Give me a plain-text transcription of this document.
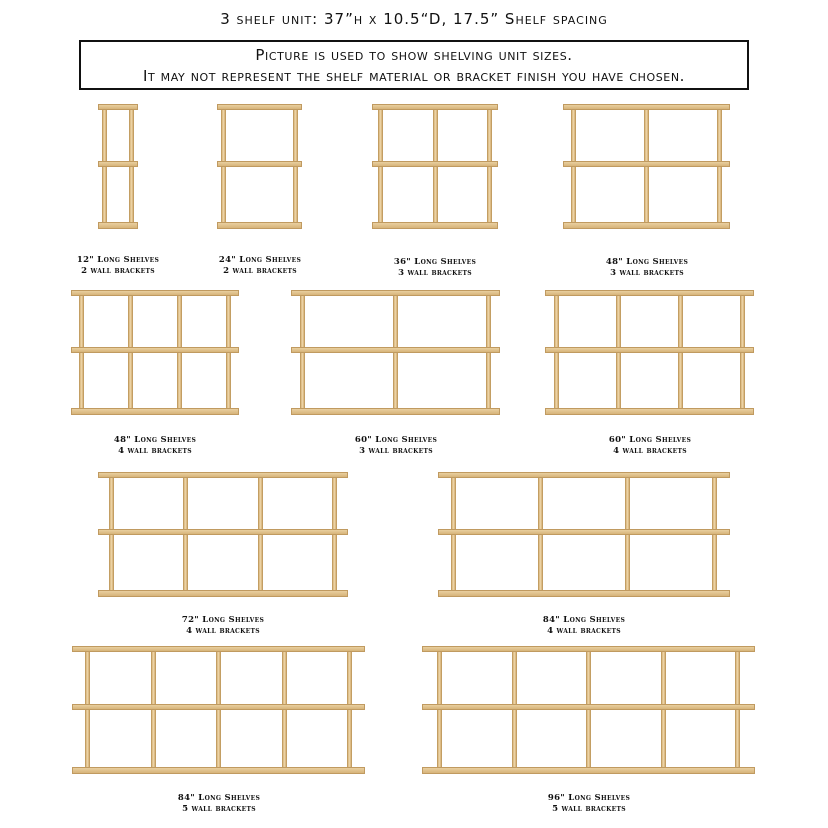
3 shelf unit: 37”h x 10.5“D, 17.5” Shelf spacing
Picture is used to show shelving unit sizes.
It may not represent the shelf material or bracket finish you have chosen.
12" Long Shelves
2 wall brackets
24" Long Shelves
2 wall brackets
36" Long Shelves
3 wall brackets
48" Long Shelves
3 wall brackets
48" Long Shelves
4 wall brackets
60" Long Shelves
3 wall brackets
60" Long Shelves
4 wall brackets
72" Long Shelves
4 wall brackets
84" Long Shelves
4 wall brackets
84" Long Shelves
5 wall brackets
96" Long Shelves
5 wall brackets
